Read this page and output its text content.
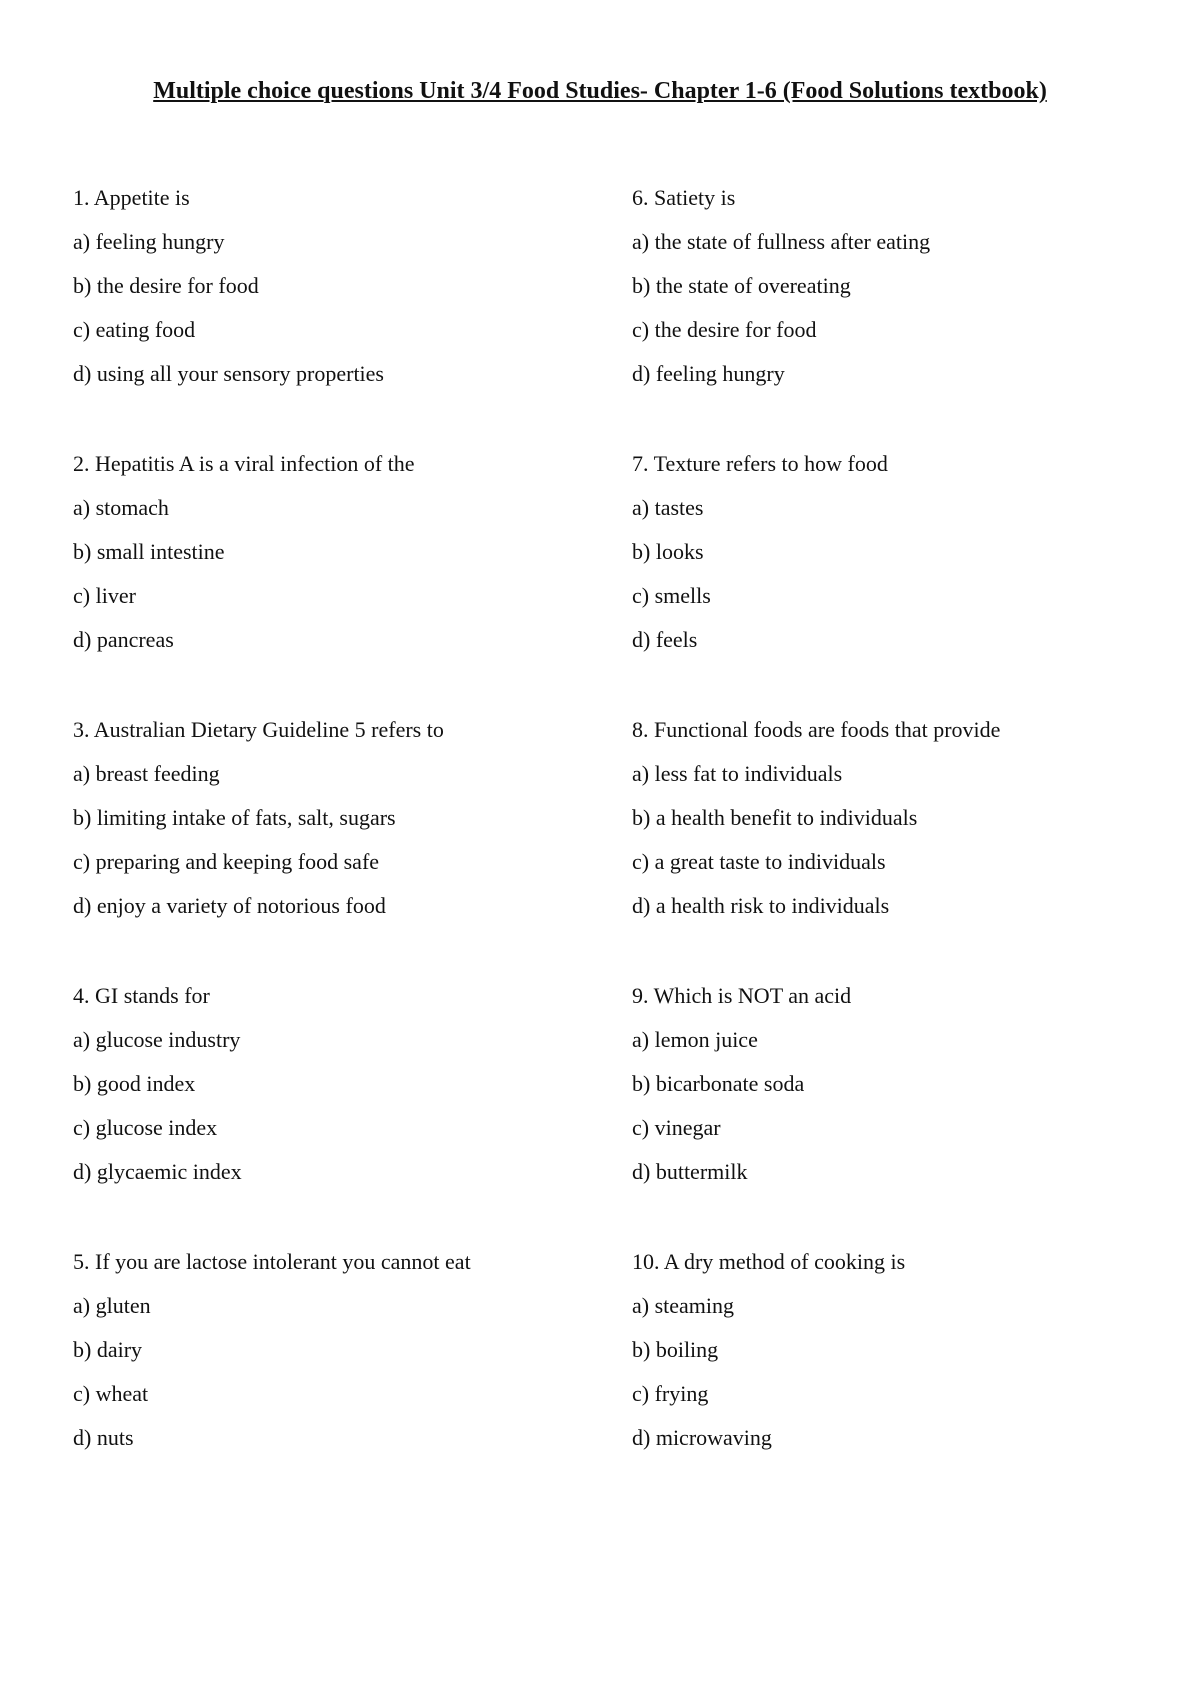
Multiple choice questions Unit 3/4 Food Studies- Chapter 1-6 (Food Solutions textbook)
1. Appetite is
a) feeling hungry
b) the desire for food
c) eating food
d) using all your sensory properties
2. Hepatitis A is a viral infection of the
a) stomach
b) small intestine
c) liver
d) pancreas
3. Australian Dietary Guideline 5 refers to
a) breast feeding
b) limiting intake of fats, salt, sugars
c) preparing and keeping food safe
d) enjoy a variety of notorious food
4. GI stands for
a) glucose industry
b) good index
c) glucose index
d) glycaemic index
5. If you are lactose intolerant you cannot eat
a) gluten
b) dairy
c) wheat
d) nuts
6. Satiety is
a) the state of fullness after eating
b) the state of overeating
c) the desire for food
d) feeling hungry
7. Texture refers to how food
a) tastes
b) looks
c) smells
d) feels
8. Functional foods are foods that provide
a) less fat to individuals
b) a health benefit to individuals
c) a great taste to individuals
d) a health risk to individuals
9. Which is NOT an acid
a) lemon juice
b) bicarbonate soda
c) vinegar
d) buttermilk
10. A dry method of cooking is
a) steaming
b) boiling
c) frying
d) microwaving
